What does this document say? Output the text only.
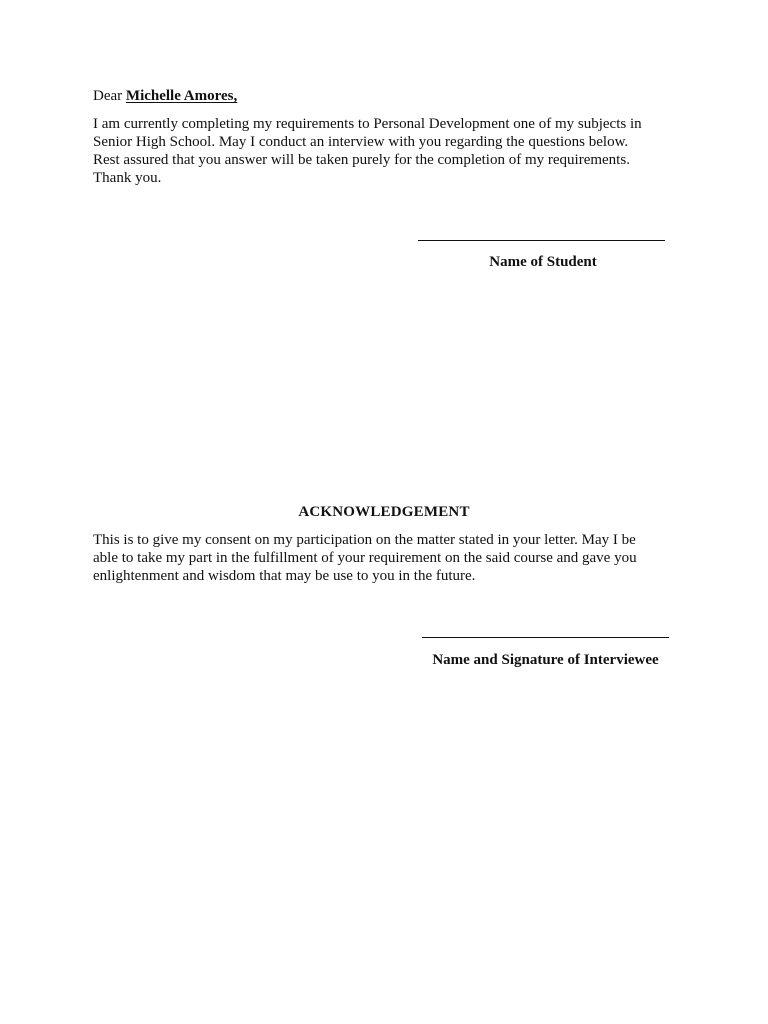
Dear Michelle Amores,
I am currently completing my requirements to Personal Development one of my subjects in
Senior High School. May I conduct an interview with you regarding the questions below.
Rest assured that you answer will be taken purely for the completion of my requirements.
Thank you.
Name of Student
ACKNOWLEDGEMENT
This is to give my consent on my participation on the matter stated in your letter. May I be
able to take my part in the fulfillment of your requirement on the said course and gave you
enlightenment and wisdom that may be use to you in the future.
Name and Signature of Interviewee
